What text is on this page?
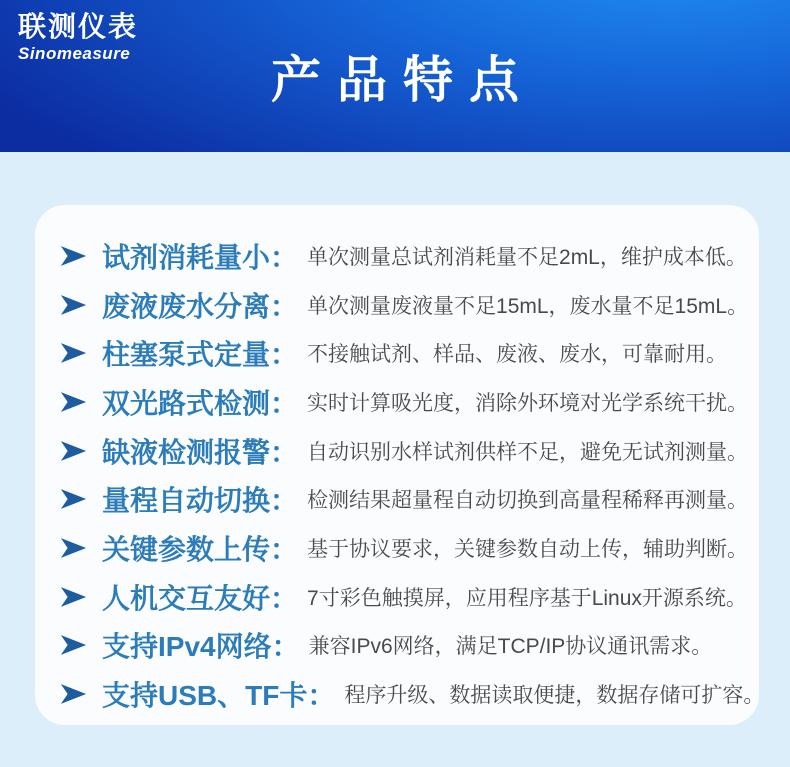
联测仪表
Sinomeasure	产品特点
试剂消耗量小： 单次测量总试剂消耗量不足2mL，维护成本低。
废液废水分离： 单次测量废液量不足15mL，废水量不足15mL。
柱塞泵式定量： 不接触试剂、样品、废液、废水，可靠耐用。
双光路式检测： 实时计算吸光度，消除外环境对光学系统干扰。
缺液检测报警： 自动识别水样试剂供样不足，避免无试剂测量。
量程自动切换： 检测结果超量程自动切换到高量程稀释再测量。
关键参数上传： 基于协议要求，关键参数自动上传，辅助判断。
人机交互友好： 7寸彩色触摸屏，应用程序基于Linux开源系统。
支持IPv4网络： 兼容IPv6网络，满足TCP/IP协议通讯需求。
支持USB、TF卡： 程序升级、数据读取便捷，数据存储可扩容。
